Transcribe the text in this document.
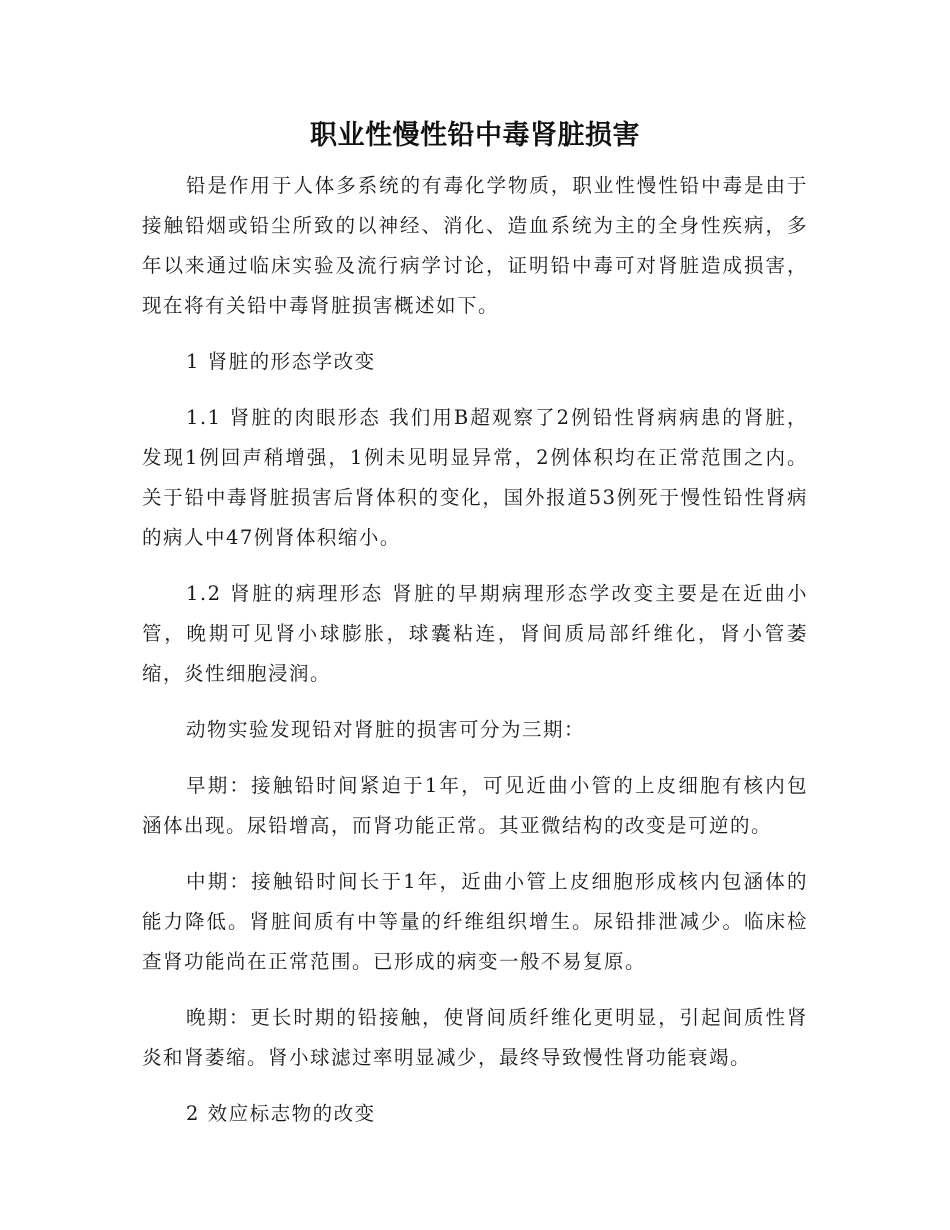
职业性慢性铅中毒肾脏损害

铅是作用于人体多系统的有毒化学物质，职业性慢性铅中毒是由于接触铅烟或铅尘所致的以神经、消化、造血系统为主的全身性疾病，多年以来通过临床实验及流行病学讨论，证明铅中毒可对肾脏造成损害，现在将有关铅中毒肾脏损害概述如下。

1 肾脏的形态学改变

1.1 肾脏的肉眼形态 我们用B超观察了2例铅性肾病病患的肾脏，发现1例回声稍增强，1例未见明显异常，2例体积均在正常范围之内。关于铅中毒肾脏损害后肾体积的变化，国外报道53例死于慢性铅性肾病的病人中47例肾体积缩小。

1.2 肾脏的病理形态 肾脏的早期病理形态学改变主要是在近曲小管，晚期可见肾小球膨胀，球囊粘连，肾间质局部纤维化，肾小管萎缩，炎性细胞浸润。

动物实验发现铅对肾脏的损害可分为三期：

早期：接触铅时间紧迫于1年，可见近曲小管的上皮细胞有核内包涵体出现。尿铅增高，而肾功能正常。其亚微结构的改变是可逆的。

中期：接触铅时间长于1年，近曲小管上皮细胞形成核内包涵体的能力降低。肾脏间质有中等量的纤维组织增生。尿铅排泄减少。临床检查肾功能尚在正常范围。已形成的病变一般不易复原。

晚期：更长时期的铅接触，使肾间质纤维化更明显，引起间质性肾炎和肾萎缩。肾小球滤过率明显减少，最终导致慢性肾功能衰竭。

2 效应标志物的改变
